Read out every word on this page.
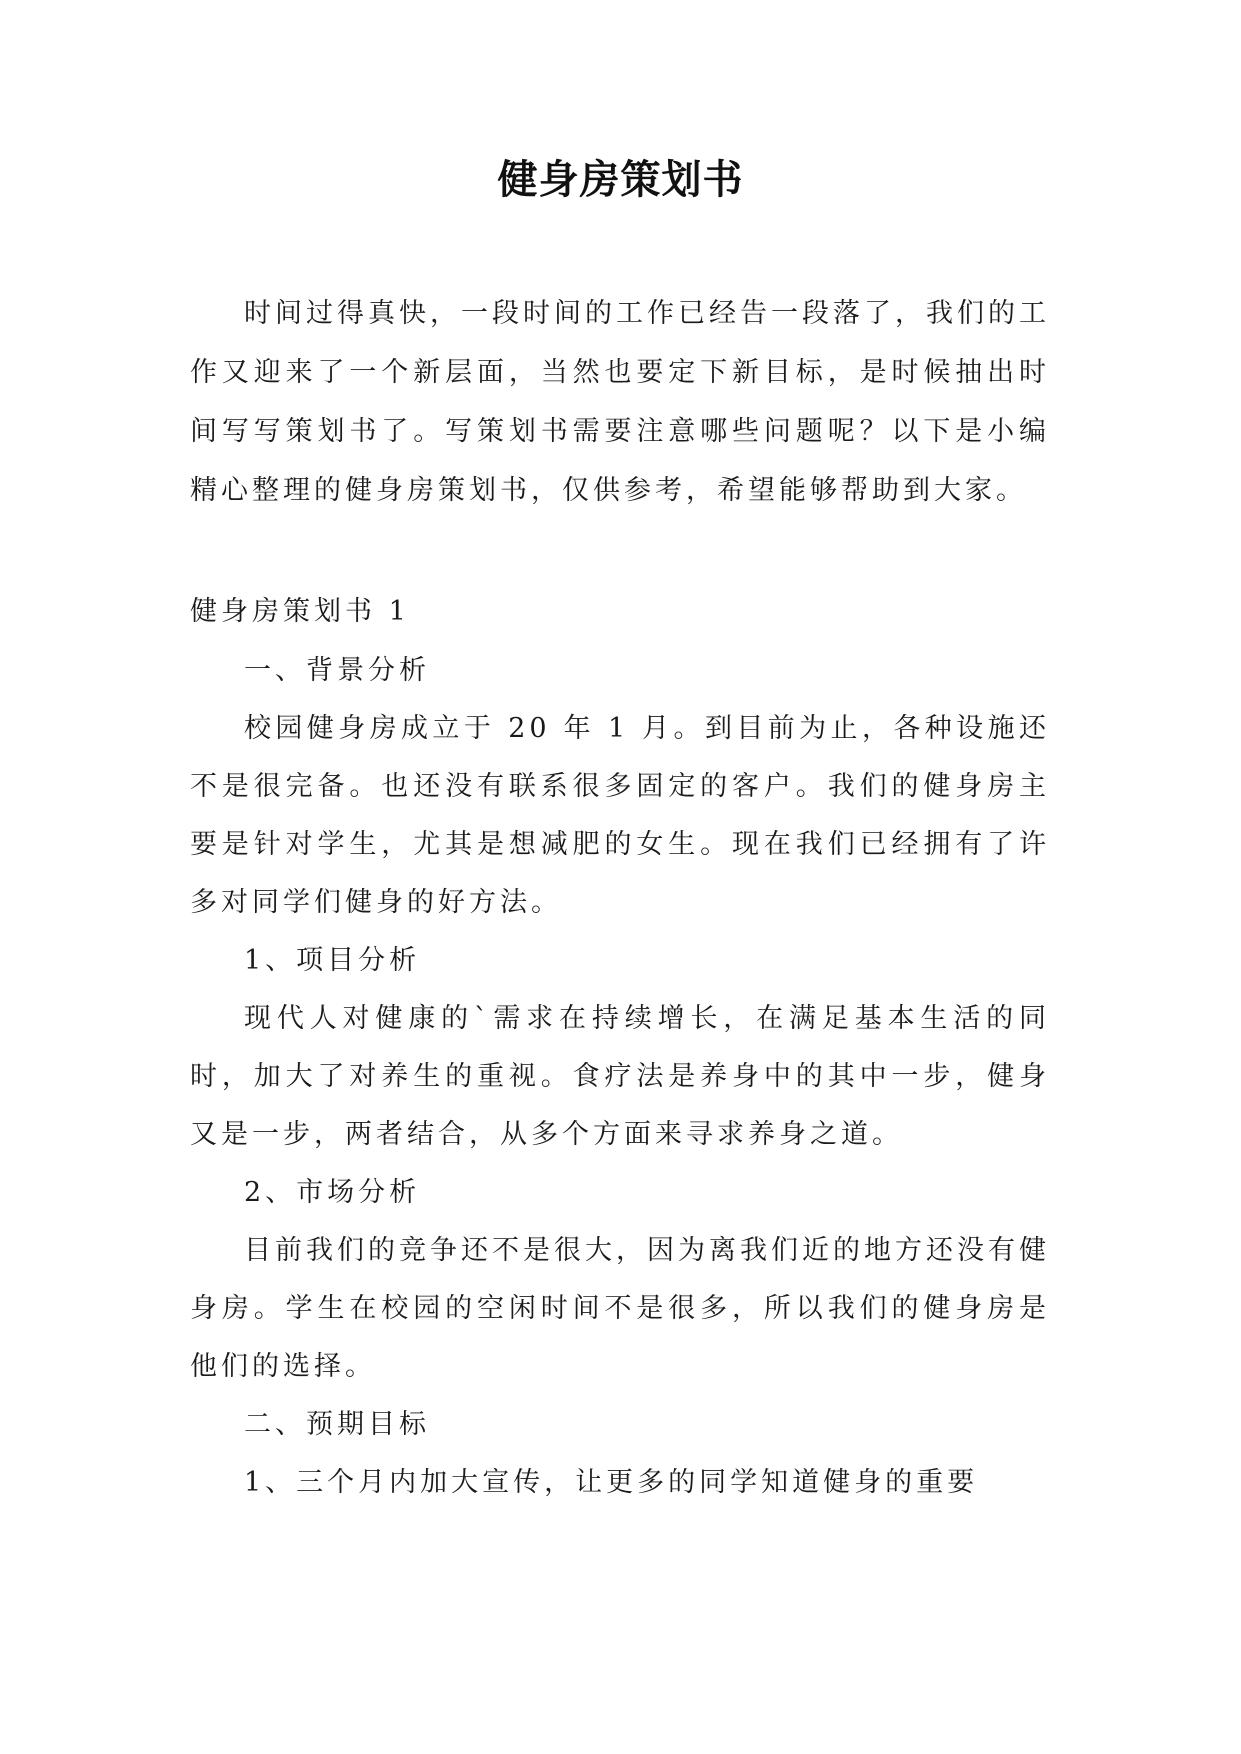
健身房策划书

时间过得真快，一段时间的工作已经告一段落了，我们的工作又迎来了一个新层面，当然也要定下新目标，是时候抽出时间写写策划书了。写策划书需要注意哪些问题呢？以下是小编精心整理的健身房策划书，仅供参考，希望能够帮助到大家。

健身房策划书 1

一、背景分析

校园健身房成立于 20 年 1 月。到目前为止，各种设施还不是很完备。也还没有联系很多固定的客户。我们的健身房主要是针对学生，尤其是想减肥的女生。现在我们已经拥有了许多对同学们健身的好方法。

1、项目分析

现代人对健康的`需求在持续增长，在满足基本生活的同时，加大了对养生的重视。食疗法是养身中的其中一步，健身又是一步，两者结合，从多个方面来寻求养身之道。

2、市场分析

目前我们的竞争还不是很大，因为离我们近的地方还没有健身房。学生在校园的空闲时间不是很多，所以我们的健身房是他们的选择。

二、预期目标

1、三个月内加大宣传，让更多的同学知道健身的重要
